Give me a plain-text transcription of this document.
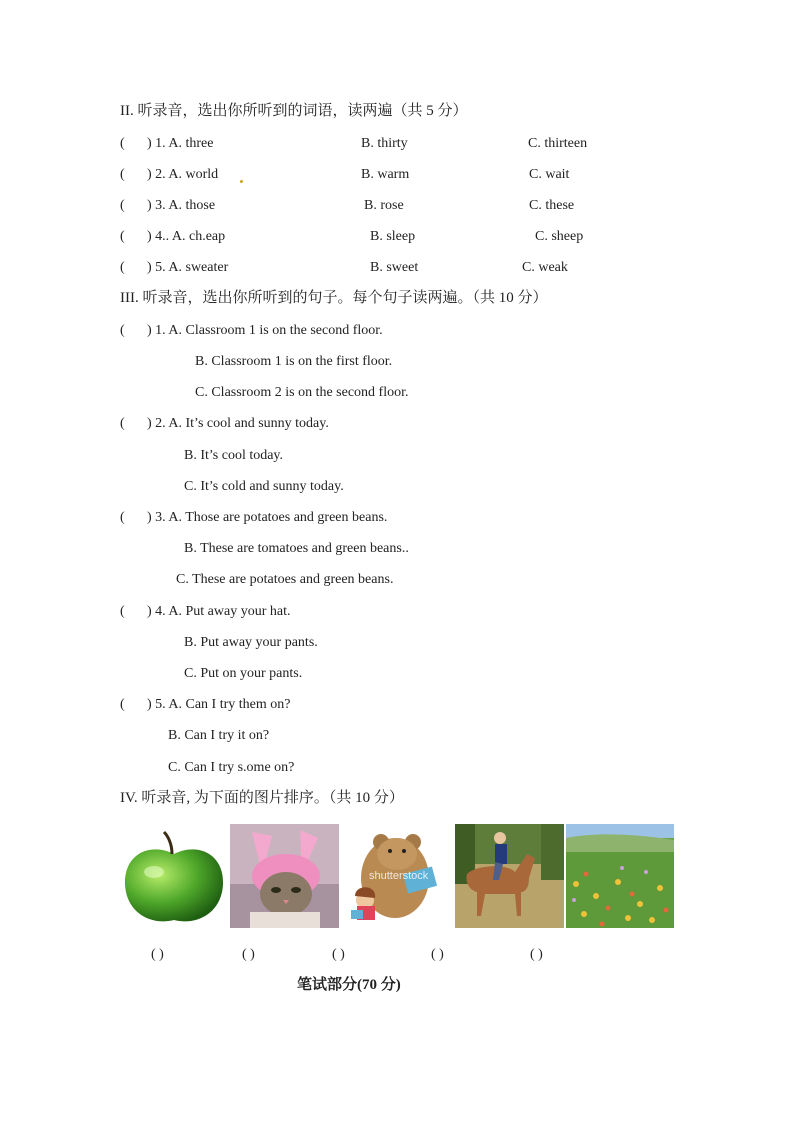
II. 听录音，选出你所听到的词语，读两遍（共 5 分）
( ) 1. A. three	B. thirty	C. thirteen
( ) 2. A. world	B. warm	C. wait
( ) 3. A. those	B. rose	C. these
( ) 4.. A. ch.eap	B. sleep	C. sheep
( ) 5. A. sweater	B. sweet	C. weak
III. 听录音，选出你所听到的句子。每个句子读两遍。（共 10 分）
( ) 1. A. Classroom 1 is on the second floor.
B. Classroom 1 is on the first floor.
C. Classroom 2 is on the second floor.
( ) 2. A. It’s cool and sunny today.
B. It’s cool today.
C. It’s cold and sunny today.
( ) 3. A. Those are potatoes and green beans.
B. These are tomatoes and green beans..
C. These are potatoes and green beans.
( ) 4. A. Put away your hat.
B. Put away your pants.
C. Put on your pants.
( ) 5. A. Can I try them on?
B. Can I try it on?
C. Can I try s.ome on?
IV. 听录音, 为下面的图片排序。（共 10 分）
shutterstock
( )	( )	( )	( )	( )
笔试部分(70 分)
